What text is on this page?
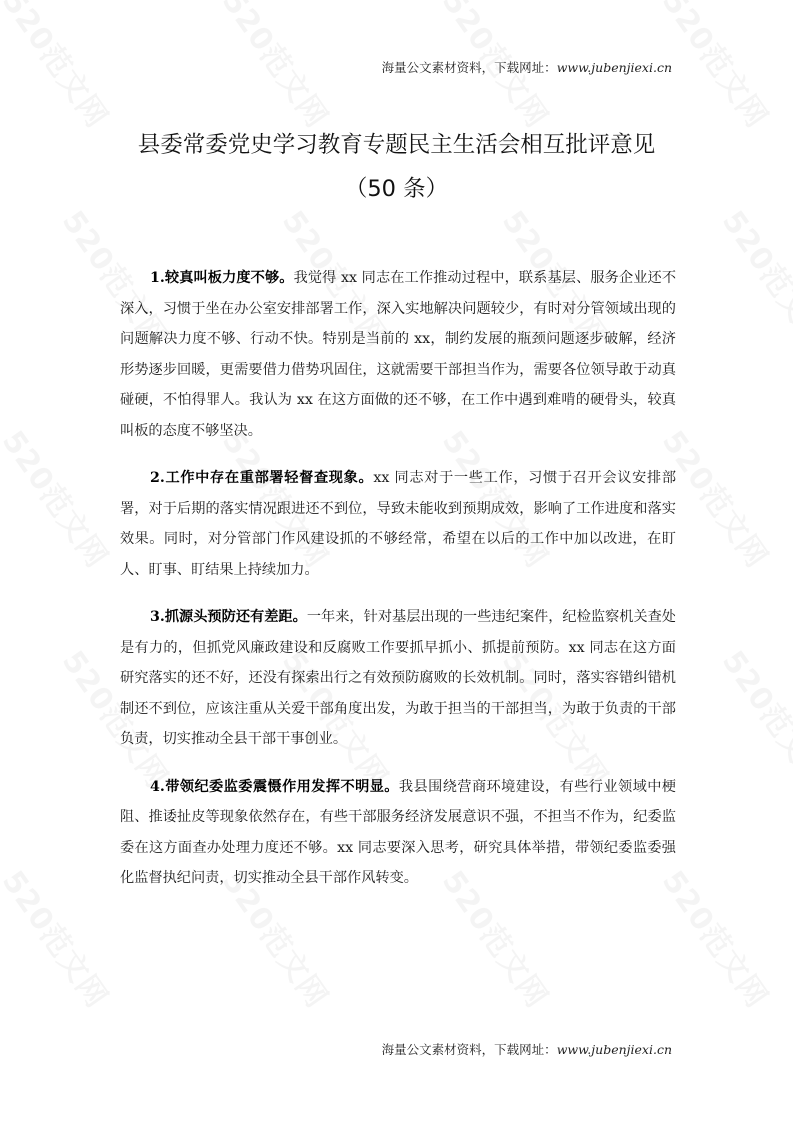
海量公文素材资料，下载网址：www.jubenjiexi.cn
县委常委党史学习教育专题民主生活会相互批评意见
（50 条）

1.较真叫板力度不够。我觉得 xx 同志在工作推动过程中，联系基层、服务企业还不深入，习惯于坐在办公室安排部署工作，深入实地解决问题较少，有时对分管领域出现的问题解决力度不够、行动不快。特别是当前的 xx，制约发展的瓶颈问题逐步破解，经济形势逐步回暖，更需要借力借势巩固住，这就需要干部担当作为，需要各位领导敢于动真碰硬，不怕得罪人。我认为 xx 在这方面做的还不够，在工作中遇到难啃的硬骨头，较真叫板的态度不够坚决。

2.工作中存在重部署轻督查现象。xx 同志对于一些工作，习惯于召开会议安排部署，对于后期的落实情况跟进还不到位，导致未能收到预期成效，影响了工作进度和落实效果。同时，对分管部门作风建设抓的不够经常，希望在以后的工作中加以改进，在盯人、盯事、盯结果上持续加力。

3.抓源头预防还有差距。一年来，针对基层出现的一些违纪案件，纪检监察机关查处是有力的，但抓党风廉政建设和反腐败工作要抓早抓小、抓提前预防。xx 同志在这方面研究落实的还不好，还没有探索出行之有效预防腐败的长效机制。同时，落实容错纠错机制还不到位，应该注重从关爱干部角度出发，为敢于担当的干部担当，为敢于负责的干部负责，切实推动全县干部干事创业。

4.带领纪委监委震慑作用发挥不明显。我县围绕营商环境建设，有些行业领域中梗阻、推诿扯皮等现象依然存在，有些干部服务经济发展意识不强，不担当不作为，纪委监委在这方面查办处理力度还不够。xx 同志要深入思考，研究具体举措，带领纪委监委强化监督执纪问责，切实推动全县干部作风转变。

海量公文素材资料，下载网址：www.jubenjiexi.cn
